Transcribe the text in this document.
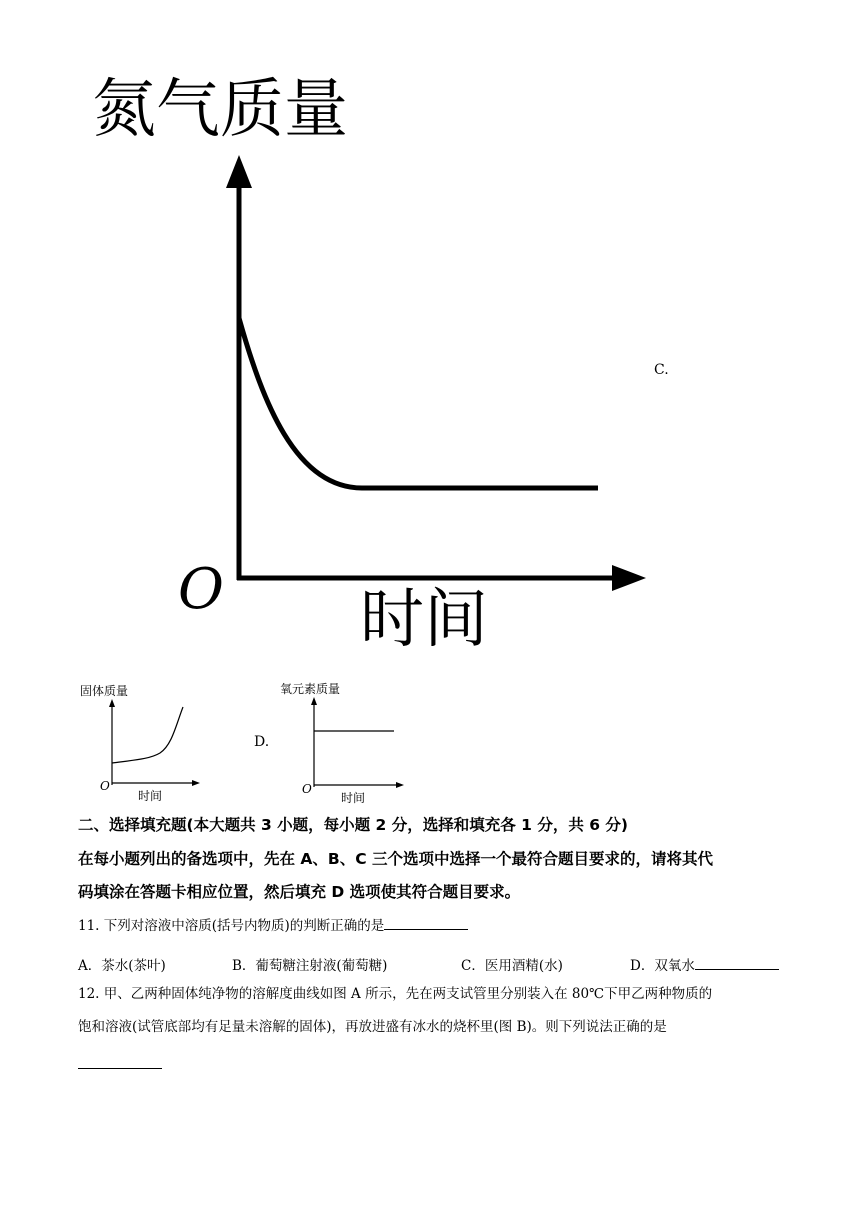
氮气质量
O 时间
C.
固体质量
O
时间
D.
氧元素质量
O
时间
二、选择填充题(本大题共 3 小题，每小题 2 分，选择和填充各 1 分，共 6 分)
在每小题列出的备选项中，先在 A、B、C 三个选项中选择一个最符合题目要求的，请将其代
码填涂在答题卡相应位置，然后填充 D 选项使其符合题目要求。
11. 下列对溶液中溶质(括号内物质)的判断正确的是
A．茶水(茶叶)	B．葡萄糖注射液(葡萄糖)	C．医用酒精(水)	D．双氧水
12. 甲、乙两种固体纯净物的溶解度曲线如图 A 所示，先在两支试管里分别装入在 80℃下甲乙两种物质的
饱和溶液(试管底部均有足量未溶解的固体)，再放进盛有冰水的烧杯里(图 B)。则下列说法正确的是
